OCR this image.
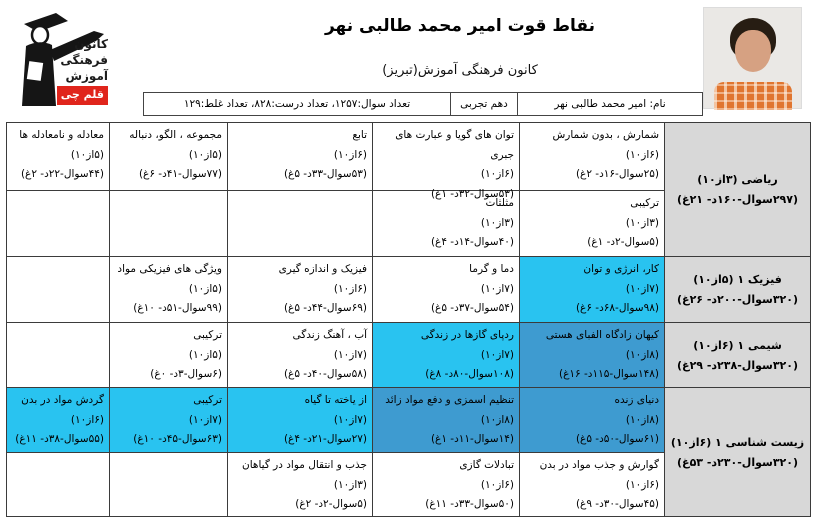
کانون
فرهنگی
آموزش
قلم چی
نقاط قوت امیر محمد طالبی نهر
کانون فرهنگی آموزش(تبریز)
نام: امیر محمد طالبی نهر
دهم تجربی
تعداد سوال:۱۲۵۷، تعداد درست:۸۲۸، تعداد غلط:۱۲۹
ریاضی (۳از۱۰)
(۲۹۷سوال-۱۶۰د- ۲۱غ)
فیزیک ۱ (۵از۱۰)
(۳۲۰سوال-۲۰۰د- ۲۶غ)
شیمی ۱ (۶از۱۰)
(۳۲۰سوال-۲۳۸د- ۲۹غ)
زیست شناسی ۱ (۶از۱۰)
(۳۲۰سوال-۲۳۰د- ۵۳غ)
معادله و نامعادله ها
(۵از۱۰)
(۴۴سوال-۲۲د- ۲غ)
مجموعه ، الگو، دنباله
(۵از۱۰)
(۷۷سوال-۴۱د- ۶غ)
تابع
(۶از۱۰)
(۵۳سوال-۳۳د- ۵غ)
توان های گویا و عبارت های جبری
(۶از۱۰)
(۵۳سوال-۳۲د- ۱غ)
شمارش ، بدون شمارش
(۶از۱۰)
(۲۵سوال-۱۶د- ۲غ)
مثلثات
(۳از۱۰)
(۴۰سوال-۱۴د- ۴غ)
ترکیبی
(۳از۱۰)
(۵سوال-۲د- ۱غ)
ویژگی های فیزیکی مواد
(۵از۱۰)
(۹۹سوال-۵۱د- ۱۰غ)
فیزیک و اندازه گیری
(۶از۱۰)
(۶۹سوال-۴۴د- ۵غ)
دما و گرما
(۷از۱۰)
(۵۴سوال-۳۷د- ۵غ)
کار، انرژی و توان
(۷از۱۰)
(۹۸سوال-۶۸د- ۶غ)
ترکیبی
(۵از۱۰)
(۶سوال-۳د- ۰غ)
آب ، آهنگ زندگی
(۷از۱۰)
(۵۸سوال-۴۰د- ۵غ)
ردپای گازها در زندگی
(۷از۱۰)
(۱۰۸سوال-۸۰د- ۸غ)
کیهان زادگاه الفبای هستی
(۸از۱۰)
(۱۴۸سوال-۱۱۵د- ۱۶غ)
گردش مواد در بدن
(۶از۱۰)
(۵۵سوال-۳۸د- ۱۱غ)
ترکیبی
(۷از۱۰)
(۶۳سوال-۴۵د- ۱۰غ)
از یاخته تا گیاه
(۷از۱۰)
(۲۷سوال-۲۱د- ۴غ)
تنظیم اسمزی و دفع مواد زائد
(۸از۱۰)
(۱۴سوال-۱۱د- ۱غ)
دنیای زنده
(۸از۱۰)
(۶۱سوال-۵۰د- ۵غ)
جذب و انتقال مواد در گیاهان
(۳از۱۰)
(۵سوال-۲د- ۲غ)
تبادلات گازی
(۶از۱۰)
(۵۰سوال-۳۳د- ۱۱غ)
گوارش و جذب مواد در بدن
(۶از۱۰)
(۴۵سوال-۳۰د- ۹غ)
